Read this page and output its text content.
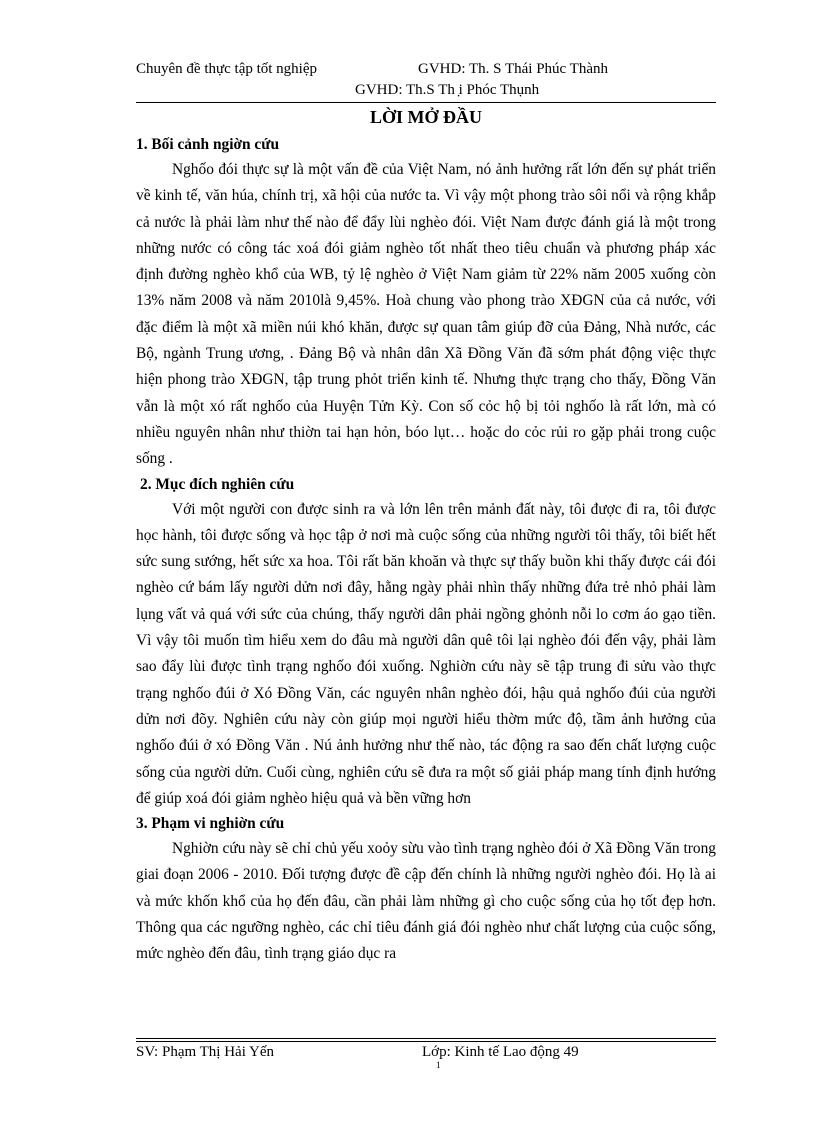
Chuyên đề thực tập tốt nghiệp	GVHD: Th. S Thái Phúc Thành
GVHD: Th.S Th ̣i Phóc Thụnh
LỜI MỞ ĐẦU

1. Bối cảnh ngiờn cứu

Nghốo đói thực sự là một vấn đề của Việt Nam, nó ảnh hưởng rất lớn đến sự phát triển về kinh tế, văn húa, chính trị, xã hội của nước ta. Vì vậy một phong trào sôi nổi và rộng khắp cả nước là phải làm như thế nào để đẩy lùi nghèo đói. Việt Nam được đánh giá là một trong những nước có công tác xoá đói giảm nghèo tốt nhất theo tiêu chuẩn và phương pháp xác định đường nghèo khổ của WB, tỷ lệ nghèo ở Việt Nam giảm từ 22% năm 2005 xuống còn 13% năm 2008 và năm 2010là 9,45%. Hoà chung vào phong trào XĐGN của cả nước, với đặc điểm là một xã miền núi khó khăn, được sự quan tâm giúp đỡ của Đảng, Nhà nước, các Bộ, ngành Trung ương, . Đảng Bộ và nhân dân Xã Đồng Văn đã sớm phát động việc thực hiện phong trào XĐGN, tập trung phỏt triển kinh tế. Nhưng thực trạng cho thấy, Đồng Văn vẫn là một xó rất nghốo của Huyện Tửn Kỳ. Con số cỏc hộ bị tỏi nghốo là rất lớn, mà có nhiều nguyên nhân như thiờn tai hạn hỏn, bóo lụt… hoặc do cỏc rủi ro gặp phải trong cuộc sống .

2. Mục đích nghiên cứu

Với một người con được sinh ra và lớn lên trên mảnh đất này, tôi được đi ra, tôi được học hành, tôi được sống và học tập ở nơi mà cuộc sống của những người tôi thấy, tôi biết hết sức sung sướng, hết sức xa hoa. Tôi rất băn khoăn và thực sự thấy buồn khi thấy được cái đói nghèo cứ bám lấy người dửn nơi đây, hằng ngày phải nhìn thấy những đứa trẻ nhỏ phải làm lụng vất vả quá với sức của chúng, thấy người dân phải ngồng ghỏnh nỗi lo cơm áo gạo tiền. Vì vậy tôi muốn tìm hiểu xem do đâu mà người dân quê tôi lại nghèo đói đến vậy, phải làm sao đẩy lùi được tình trạng nghốo đói xuống. Nghiờn cứu này sẽ tập trung đi sửu vào thực trạng nghốo đúi ở Xó Đồng Văn, các nguyên nhân nghèo đói, hậu quả nghốo đúi của người dửn nơi đõy. Nghiên cứu này còn giúp mọi người hiểu thờm mức độ, tầm ảnh hưởng của nghốo đúi ở xó Đồng Văn . Nú ảnh hưởng như thế nào, tác động ra sao đến chất lượng cuộc sống của người dửn. Cuối cùng, nghiên cứu sẽ đưa ra một số giải pháp mang tính định hướng để giúp xoá đói giảm nghèo hiệu quả và bền vững hơn

3. Phạm vi nghiờn cứu

Nghiờn cứu này sẽ chỉ chủ yếu xoỏy sừu vào tình trạng nghèo đói ở Xã Đồng Văn trong giai đoạn 2006 - 2010. Đối tượng được đề cập đến chính là những người nghèo đói. Họ là ai và mức khốn khổ của họ đến đâu, cần phải làm những gì cho cuộc sống của họ tốt đẹp hơn. Thông qua các ngưỡng nghèo, các chỉ tiêu đánh giá đói nghèo như chất lượng của cuộc sống, mức nghèo đến đâu, tình trạng giáo dục ra

SV: Phạm Thị Hải Yến	Lớp: Kinh tế Lao động 49
1
